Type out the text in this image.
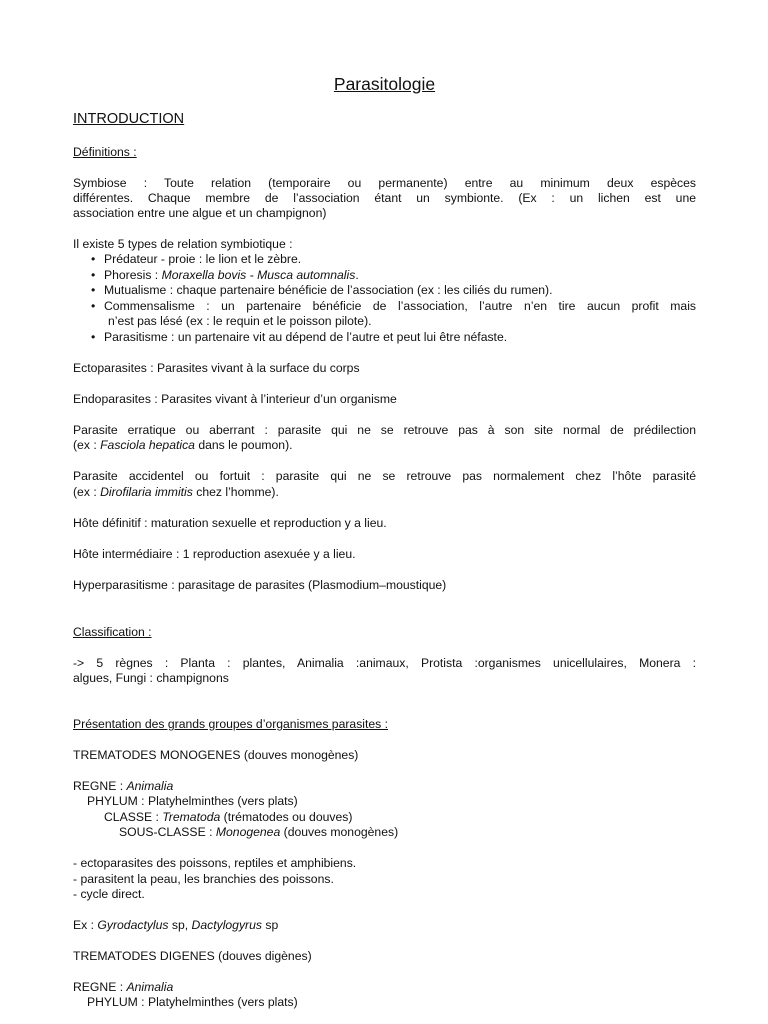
Parasitologie
INTRODUCTION
Définitions :
Symbiose : Toute relation (temporaire ou permanente) entre au minimum deux espèces
différentes. Chaque membre de l’association étant un symbionte. (Ex : un lichen est une
association entre une algue et un champignon)
Il existe 5 types de relation symbiotique :
• Prédateur - proie : le lion et le zèbre.
• Phoresis : Moraxella bovis - Musca automnalis.
• Mutualisme : chaque partenaire bénéficie de l’association (ex : les ciliés du rumen).
• Commensalisme : un partenaire bénéficie de l’association, l’autre n’en tire aucun profit mais
n’est pas lésé (ex : le requin et le poisson pilote).
• Parasitisme : un partenaire vit au dépend de l’autre et peut lui être néfaste.
Ectoparasites : Parasites vivant à la surface du corps
Endoparasites : Parasites vivant à l’interieur d’un organisme
Parasite erratique ou aberrant : parasite qui ne se retrouve pas à son site normal de prédilection
(ex : Fasciola hepatica dans le poumon).
Parasite accidentel ou fortuit : parasite qui ne se retrouve pas normalement chez l’hôte parasité
(ex : Dirofilaria immitis chez l’homme).
Hôte définitif : maturation sexuelle et reproduction y a lieu.
Hôte intermédiaire : 1 reproduction asexuée y a lieu.
Hyperparasitisme : parasitage de parasites (Plasmodium–moustique)
Classification :
-> 5 règnes : Planta : plantes, Animalia :animaux, Protista :organismes unicellulaires, Monera :
algues, Fungi : champignons
Présentation des grands groupes d’organismes parasites :
TREMATODES MONOGENES (douves monogènes)
REGNE : Animalia
PHYLUM : Platyhelminthes (vers plats)
CLASSE : Trematoda (trématodes ou douves)
SOUS-CLASSE : Monogenea (douves monogènes)
- ectoparasites des poissons, reptiles et amphibiens.
- parasitent la peau, les branchies des poissons.
- cycle direct.
Ex : Gyrodactylus sp, Dactylogyrus sp
TREMATODES DIGENES (douves digènes)
REGNE : Animalia
PHYLUM : Platyhelminthes (vers plats)
